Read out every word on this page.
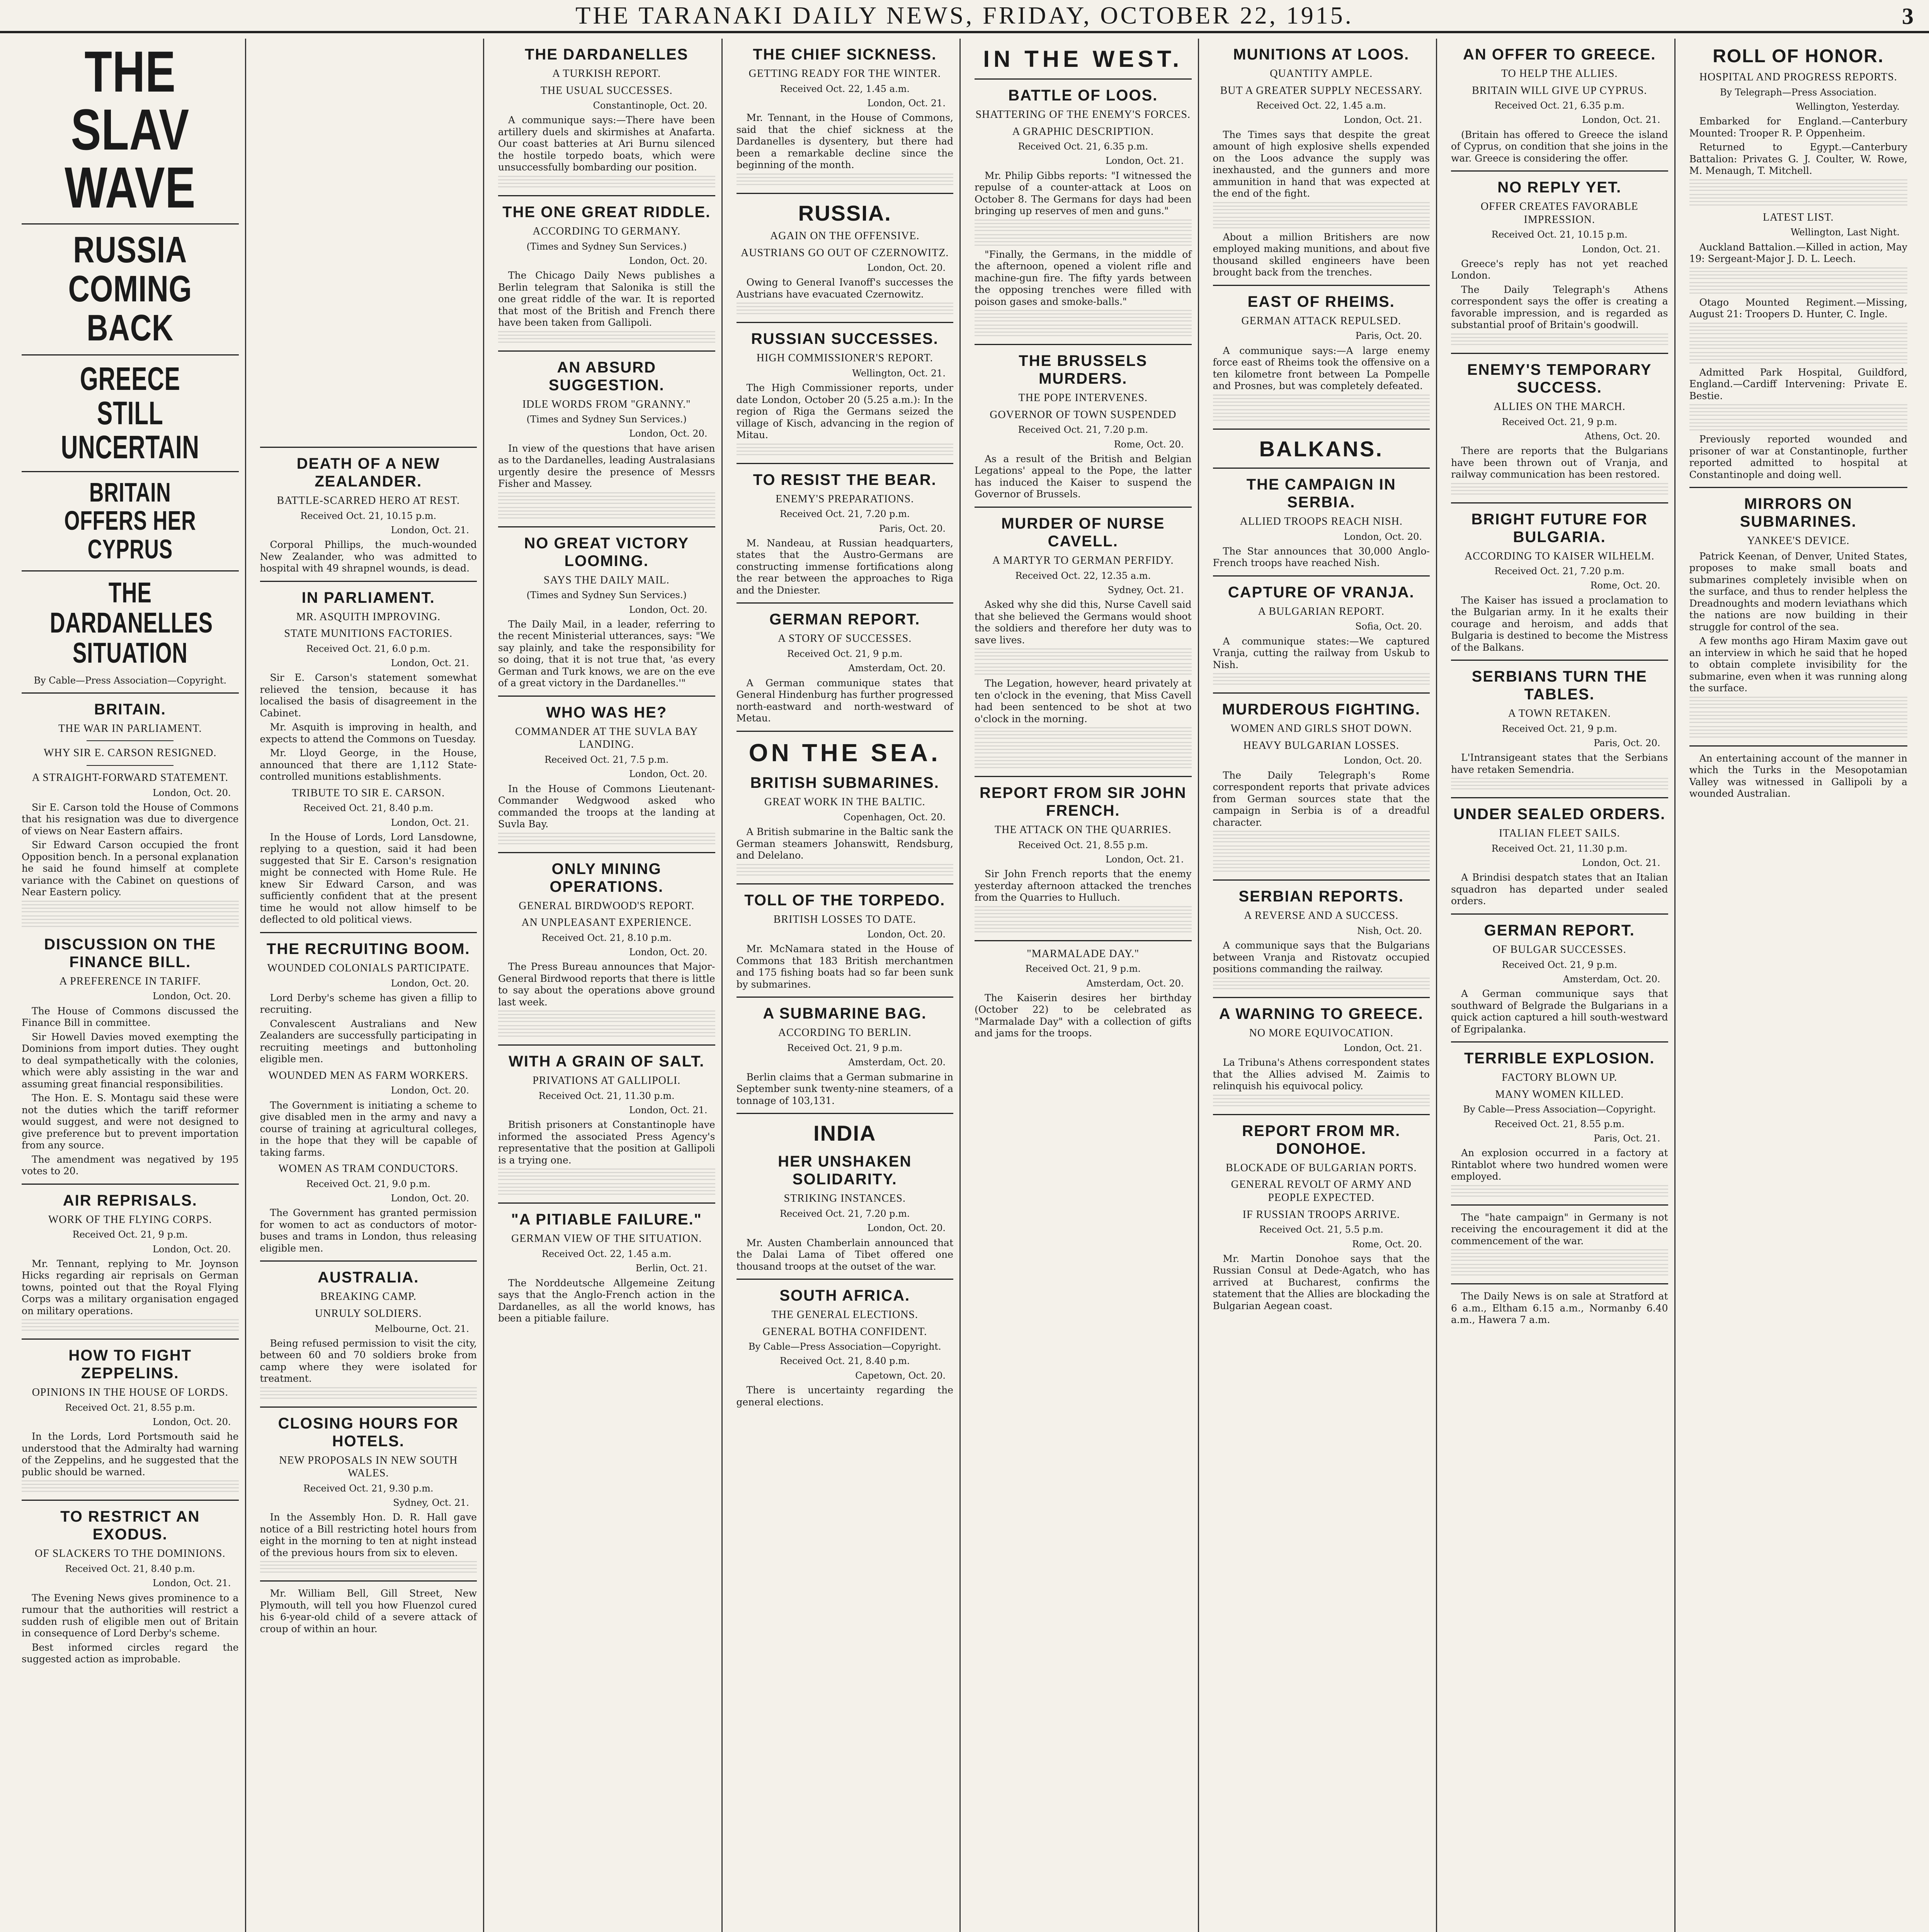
THE TARANAKI DAILY NEWS, FRIDAY, OCTOBER 22, 1915.	3
THE SLAV WAVE
RUSSIA COMING BACK
GREECE STILL UNCERTAIN
BRITAIN OFFERS HER CYPRUS
THE DARDANELLES SITUATION
By Cable—Press Association—Copyright.
BRITAIN.
THE WAR IN PARLIAMENT.
WHY SIR E. CARSON RESIGNED.
A STRAIGHT-FORWARD STATEMENT.
London, Oct. 20.

Sir E. Carson told the House of Commons that his resignation was due to divergence of views on Near Eastern affairs.

Sir Edward Carson occupied the front Opposition bench. In a personal explanation he said he found himself at complete variance with the Cabinet on questions of Near Eastern policy.

DISCUSSION ON THE FINANCE BILL.
A PREFERENCE IN TARIFF.
London, Oct. 20.

The House of Commons discussed the Finance Bill in committee.

Sir Howell Davies moved exempting the Dominions from import duties. They ought to deal sympathetically with the colonies, which were ably assisting in the war and assuming great financial responsibilities.

The Hon. E. S. Montagu said these were not the duties which the tariff reformer would suggest, and were not designed to give preference but to prevent importation from any source.

The amendment was negatived by 195 votes to 20.

AIR REPRISALS.
WORK OF THE FLYING CORPS.
Received Oct. 21, 9 p.m.
London, Oct. 20.

Mr. Tennant, replying to Mr. Joynson Hicks regarding air reprisals on German towns, pointed out that the Royal Flying Corps was a military organisation engaged on military operations.

HOW TO FIGHT ZEPPELINS.
OPINIONS IN THE HOUSE OF LORDS.
Received Oct. 21, 8.55 p.m.
London, Oct. 20.

In the Lords, Lord Portsmouth said he understood that the Admiralty had warning of the Zeppelins, and he suggested that the public should be warned.

TO RESTRICT AN EXODUS.
OF SLACKERS TO THE DOMINIONS.
Received Oct. 21, 8.40 p.m.
London, Oct. 21.

The Evening News gives prominence to a rumour that the authorities will restrict a sudden rush of eligible men out of Britain in consequence of Lord Derby's scheme.

Best informed circles regard the suggested action as improbable.

DEATH OF A NEW ZEALANDER.
BATTLE-SCARRED HERO AT REST.
Received Oct. 21, 10.15 p.m.
London, Oct. 21.

Corporal Phillips, the much-wounded New Zealander, who was admitted to hospital with 49 shrapnel wounds, is dead.

IN PARLIAMENT.
MR. ASQUITH IMPROVING.
STATE MUNITIONS FACTORIES.
Received Oct. 21, 6.0 p.m.
London, Oct. 21.

Sir E. Carson's statement somewhat relieved the tension, because it has localised the basis of disagreement in the Cabinet.

Mr. Asquith is improving in health, and expects to attend the Commons on Tuesday.

Mr. Lloyd George, in the House, announced that there are 1,112 State-controlled munitions establishments.

TRIBUTE TO SIR E. CARSON.
Received Oct. 21, 8.40 p.m.
London, Oct. 21.

In the House of Lords, Lord Lansdowne, replying to a question, said it had been suggested that Sir E. Carson's resignation might be connected with Home Rule. He knew Sir Edward Carson, and was sufficiently confident that at the present time he would not allow himself to be deflected to old political views.

THE RECRUITING BOOM.
WOUNDED COLONIALS PARTICIPATE.
London, Oct. 20.

Lord Derby's scheme has given a fillip to recruiting.

Convalescent Australians and New Zealanders are successfully participating in recruiting meetings and buttonholing eligible men.

WOUNDED MEN AS FARM WORKERS.
London, Oct. 20.

The Government is initiating a scheme to give disabled men in the army and navy a course of training at agricultural colleges, in the hope that they will be capable of taking farms.

WOMEN AS TRAM CONDUCTORS.
Received Oct. 21, 9.0 p.m.
London, Oct. 20.

The Government has granted permission for women to act as conductors of motor-buses and trams in London, thus releasing eligible men.

AUSTRALIA.
BREAKING CAMP.
UNRULY SOLDIERS.
Melbourne, Oct. 21.

Being refused permission to visit the city, between 60 and 70 soldiers broke from camp where they were isolated for treatment.

CLOSING HOURS FOR HOTELS.
NEW PROPOSALS IN NEW SOUTH WALES.
Received Oct. 21, 9.30 p.m.
Sydney, Oct. 21.

In the Assembly Hon. D. R. Hall gave notice of a Bill restricting hotel hours from eight in the morning to ten at night instead of the previous hours from six to eleven.

Mr. William Bell, Gill Street, New Plymouth, will tell you how Fluenzol cured his 6-year-old child of a severe attack of croup of within an hour.

THE DARDANELLES
A TURKISH REPORT.
THE USUAL SUCCESSES.
Constantinople, Oct. 20.

A communique says:—There have been artillery duels and skirmishes at Anafarta. Our coast batteries at Ari Burnu silenced the hostile torpedo boats, which were unsuccessfully bombarding our position.

THE ONE GREAT RIDDLE.
ACCORDING TO GERMANY.
(Times and Sydney Sun Services.)
London, Oct. 20.

The Chicago Daily News publishes a Berlin telegram that Salonika is still the one great riddle of the war. It is reported that most of the British and French there have been taken from Gallipoli.

AN ABSURD SUGGESTION.
IDLE WORDS FROM "GRANNY."
(Times and Sydney Sun Services.)
London, Oct. 20.

In view of the questions that have arisen as to the Dardanelles, leading Australasians urgently desire the presence of Messrs Fisher and Massey.

NO GREAT VICTORY LOOMING.
SAYS THE DAILY MAIL.
(Times and Sydney Sun Services.)
London, Oct. 20.

The Daily Mail, in a leader, referring to the recent Ministerial utterances, says: "We say plainly, and take the responsibility for so doing, that it is not true that, 'as every German and Turk knows, we are on the eve of a great victory in the Dardanelles.'"

WHO WAS HE?
COMMANDER AT THE SUVLA BAY LANDING.
Received Oct. 21, 7.5 p.m.
London, Oct. 20.

In the House of Commons Lieutenant-Commander Wedgwood asked who commanded the troops at the landing at Suvla Bay.

ONLY MINING OPERATIONS.
GENERAL BIRDWOOD'S REPORT.
AN UNPLEASANT EXPERIENCE.
Received Oct. 21, 8.10 p.m.
London, Oct. 20.

The Press Bureau announces that Major-General Birdwood reports that there is little to say about the operations above ground last week.

WITH A GRAIN OF SALT.
PRIVATIONS AT GALLIPOLI.
Received Oct. 21, 11.30 p.m.
London, Oct. 21.

British prisoners at Constantinople have informed the associated Press Agency's representative that the position at Gallipoli is a trying one.

"A PITIABLE FAILURE."
GERMAN VIEW OF THE SITUATION.
Received Oct. 22, 1.45 a.m.
Berlin, Oct. 21.

The Norddeutsche Allgemeine Zeitung says that the Anglo-French action in the Dardanelles, as all the world knows, has been a pitiable failure.

THE CHIEF SICKNESS.
GETTING READY FOR THE WINTER.
Received Oct. 22, 1.45 a.m.
London, Oct. 21.

Mr. Tennant, in the House of Commons, said that the chief sickness at the Dardanelles is dysentery, but there had been a remarkable decline since the beginning of the month.

RUSSIA.
AGAIN ON THE OFFENSIVE.
AUSTRIANS GO OUT OF CZERNOWITZ.
London, Oct. 20.

Owing to General Ivanoff's successes the Austrians have evacuated Czernowitz.

RUSSIAN SUCCESSES.
HIGH COMMISSIONER'S REPORT.
Wellington, Oct. 21.

The High Commissioner reports, under date London, October 20 (5.25 a.m.): In the region of Riga the Germans seized the village of Kisch, advancing in the region of Mitau.

TO RESIST THE BEAR.
ENEMY'S PREPARATIONS.
Received Oct. 21, 7.20 p.m.
Paris, Oct. 20.

M. Nandeau, at Russian headquarters, states that the Austro-Germans are constructing immense fortifications along the rear between the approaches to Riga and the Dniester.

GERMAN REPORT.
A STORY OF SUCCESSES.
Received Oct. 21, 9 p.m.
Amsterdam, Oct. 20.

A German communique states that General Hindenburg has further progressed north-eastward and north-westward of Metau.

ON THE SEA.
BRITISH SUBMARINES.
GREAT WORK IN THE BALTIC.
Copenhagen, Oct. 20.

A British submarine in the Baltic sank the German steamers Johanswitt, Rendsburg, and Delelano.

TOLL OF THE TORPEDO.
BRITISH LOSSES TO DATE.
London, Oct. 20.

Mr. McNamara stated in the House of Commons that 183 British merchantmen and 175 fishing boats had so far been sunk by submarines.

A SUBMARINE BAG.
ACCORDING TO BERLIN.
Received Oct. 21, 9 p.m.
Amsterdam, Oct. 20.

Berlin claims that a German submarine in September sunk twenty-nine steamers, of a tonnage of 103,131.

INDIA
HER UNSHAKEN SOLIDARITY.
STRIKING INSTANCES.
Received Oct. 21, 7.20 p.m.
London, Oct. 20.

Mr. Austen Chamberlain announced that the Dalai Lama of Tibet offered one thousand troops at the outset of the war.

SOUTH AFRICA.
THE GENERAL ELECTIONS.
GENERAL BOTHA CONFIDENT.
By Cable—Press Association—Copyright.
Received Oct. 21, 8.40 p.m.
Capetown, Oct. 20.

There is uncertainty regarding the general elections.

IN THE WEST.
BATTLE OF LOOS.
SHATTERING OF THE ENEMY'S FORCES.
A GRAPHIC DESCRIPTION.
Received Oct. 21, 6.35 p.m.
London, Oct. 21.

Mr. Philip Gibbs reports: "I witnessed the repulse of a counter-attack at Loos on October 8. The Germans for days had been bringing up reserves of men and guns."

"Finally, the Germans, in the middle of the afternoon, opened a violent rifle and machine-gun fire. The fifty yards between the opposing trenches were filled with poison gases and smoke-balls."

THE BRUSSELS MURDERS.
THE POPE INTERVENES.
GOVERNOR OF TOWN SUSPENDED
Received Oct. 21, 7.20 p.m.
Rome, Oct. 20.

As a result of the British and Belgian Legations' appeal to the Pope, the latter has induced the Kaiser to suspend the Governor of Brussels.

MURDER OF NURSE CAVELL.
A MARTYR TO GERMAN PERFIDY.
Received Oct. 22, 12.35 a.m.
Sydney, Oct. 21.

Asked why she did this, Nurse Cavell said that she believed the Germans would shoot the soldiers and therefore her duty was to save lives.

The Legation, however, heard privately at ten o'clock in the evening, that Miss Cavell had been sentenced to be shot at two o'clock in the morning.

REPORT FROM SIR JOHN FRENCH.
THE ATTACK ON THE QUARRIES.
Received Oct. 21, 8.55 p.m.
London, Oct. 21.

Sir John French reports that the enemy yesterday afternoon attacked the trenches from the Quarries to Hulluch.

"MARMALADE DAY."
Received Oct. 21, 9 p.m.
Amsterdam, Oct. 20.

The Kaiserin desires her birthday (October 22) to be celebrated as "Marmalade Day" with a collection of gifts and jams for the troops.

MUNITIONS AT LOOS.
QUANTITY AMPLE.
BUT A GREATER SUPPLY NECESSARY.
Received Oct. 22, 1.45 a.m.
London, Oct. 21.

The Times says that despite the great amount of high explosive shells expended on the Loos advance the supply was inexhausted, and the gunners and more ammunition in hand that was expected at the end of the fight.

About a million Britishers are now employed making munitions, and about five thousand skilled engineers have been brought back from the trenches.

EAST OF RHEIMS.
GERMAN ATTACK REPULSED.
Paris, Oct. 20.

A communique says:—A large enemy force east of Rheims took the offensive on a ten kilometre front between La Pompelle and Prosnes, but was completely defeated.

BALKANS.
THE CAMPAIGN IN SERBIA.
ALLIED TROOPS REACH NISH.
London, Oct. 20.

The Star announces that 30,000 Anglo-French troops have reached Nish.

CAPTURE OF VRANJA.
A BULGARIAN REPORT.
Sofia, Oct. 20.

A communique states:—We captured Vranja, cutting the railway from Uskub to Nish.

MURDEROUS FIGHTING.
WOMEN AND GIRLS SHOT DOWN.
HEAVY BULGARIAN LOSSES.
London, Oct. 20.

The Daily Telegraph's Rome correspondent reports that private advices from German sources state that the campaign in Serbia is of a dreadful character.

SERBIAN REPORTS.
A REVERSE AND A SUCCESS.
Nish, Oct. 20.

A communique says that the Bulgarians between Vranja and Ristovatz occupied positions commanding the railway.

A WARNING TO GREECE.
NO MORE EQUIVOCATION.
London, Oct. 21.

La Tribuna's Athens correspondent states that the Allies advised M. Zaimis to relinquish his equivocal policy.

REPORT FROM MR. DONOHOE.
BLOCKADE OF BULGARIAN PORTS.
GENERAL REVOLT OF ARMY AND PEOPLE EXPECTED.
IF RUSSIAN TROOPS ARRIVE.
Received Oct. 21, 5.5 p.m.
Rome, Oct. 20.

Mr. Martin Donohoe says that the Russian Consul at Dede-Agatch, who has arrived at Bucharest, confirms the statement that the Allies are blockading the Bulgarian Aegean coast.

AN OFFER TO GREECE.
TO HELP THE ALLIES.
BRITAIN WILL GIVE UP CYPRUS.
Received Oct. 21, 6.35 p.m.
London, Oct. 21.

(Britain has offered to Greece the island of Cyprus, on condition that she joins in the war. Greece is considering the offer.

NO REPLY YET.
OFFER CREATES FAVORABLE IMPRESSION.
Received Oct. 21, 10.15 p.m.
London, Oct. 21.

Greece's reply has not yet reached London.

The Daily Telegraph's Athens correspondent says the offer is creating a favorable impression, and is regarded as substantial proof of Britain's goodwill.

ENEMY'S TEMPORARY SUCCESS.
ALLIES ON THE MARCH.
Received Oct. 21, 9 p.m.
Athens, Oct. 20.

There are reports that the Bulgarians have been thrown out of Vranja, and railway communication has been restored.

BRIGHT FUTURE FOR BULGARIA.
ACCORDING TO KAISER WILHELM.
Received Oct. 21, 7.20 p.m.
Rome, Oct. 20.

The Kaiser has issued a proclamation to the Bulgarian army. In it he exalts their courage and heroism, and adds that Bulgaria is destined to become the Mistress of the Balkans.

SERBIANS TURN THE TABLES.
A TOWN RETAKEN.
Received Oct. 21, 9 p.m.
Paris, Oct. 20.

L'Intransigeant states that the Serbians have retaken Semendria.

UNDER SEALED ORDERS.
ITALIAN FLEET SAILS.
Received Oct. 21, 11.30 p.m.
London, Oct. 21.

A Brindisi despatch states that an Italian squadron has departed under sealed orders.

GERMAN REPORT.
OF BULGAR SUCCESSES.
Received Oct. 21, 9 p.m.
Amsterdam, Oct. 20.

A German communique says that southward of Belgrade the Bulgarians in a quick action captured a hill south-westward of Egripalanka.

TERRIBLE EXPLOSION.
FACTORY BLOWN UP.
MANY WOMEN KILLED.
By Cable—Press Association—Copyright.
Received Oct. 21, 8.55 p.m.
Paris, Oct. 21.

An explosion occurred in a factory at Rintablot where two hundred women were employed.

The "hate campaign" in Germany is not receiving the encouragement it did at the commencement of the war.

The Daily News is on sale at Stratford at 6 a.m., Eltham 6.15 a.m., Normanby 6.40 a.m., Hawera 7 a.m.

ROLL OF HONOR.
HOSPITAL AND PROGRESS REPORTS.
By Telegraph—Press Association.
Wellington, Yesterday.

Embarked for England.—Canterbury Mounted: Trooper R. P. Oppenheim.

Returned to Egypt.—Canterbury Battalion: Privates G. J. Coulter, W. Rowe, M. Menaugh, T. Mitchell.

LATEST LIST.
Wellington, Last Night.

Auckland Battalion.—Killed in action, May 19: Sergeant-Major J. D. L. Leech.

Otago Mounted Regiment.—Missing, August 21: Troopers D. Hunter, C. Ingle.

Admitted Park Hospital, Guildford, England.—Cardiff Intervening: Private E. Bestie.

Previously reported wounded and prisoner of war at Constantinople, further reported admitted to hospital at Constantinople and doing well.

MIRRORS ON SUBMARINES.
YANKEE'S DEVICE.

Patrick Keenan, of Denver, United States, proposes to make small boats and submarines completely invisible when on the surface, and thus to render helpless the Dreadnoughts and modern leviathans which the nations are now building in their struggle for control of the sea.

A few months ago Hiram Maxim gave out an interview in which he said that he hoped to obtain complete invisibility for the submarine, even when it was running along the surface.

An entertaining account of the manner in which the Turks in the Mesopotamian Valley was witnessed in Gallipoli by a wounded Australian.
